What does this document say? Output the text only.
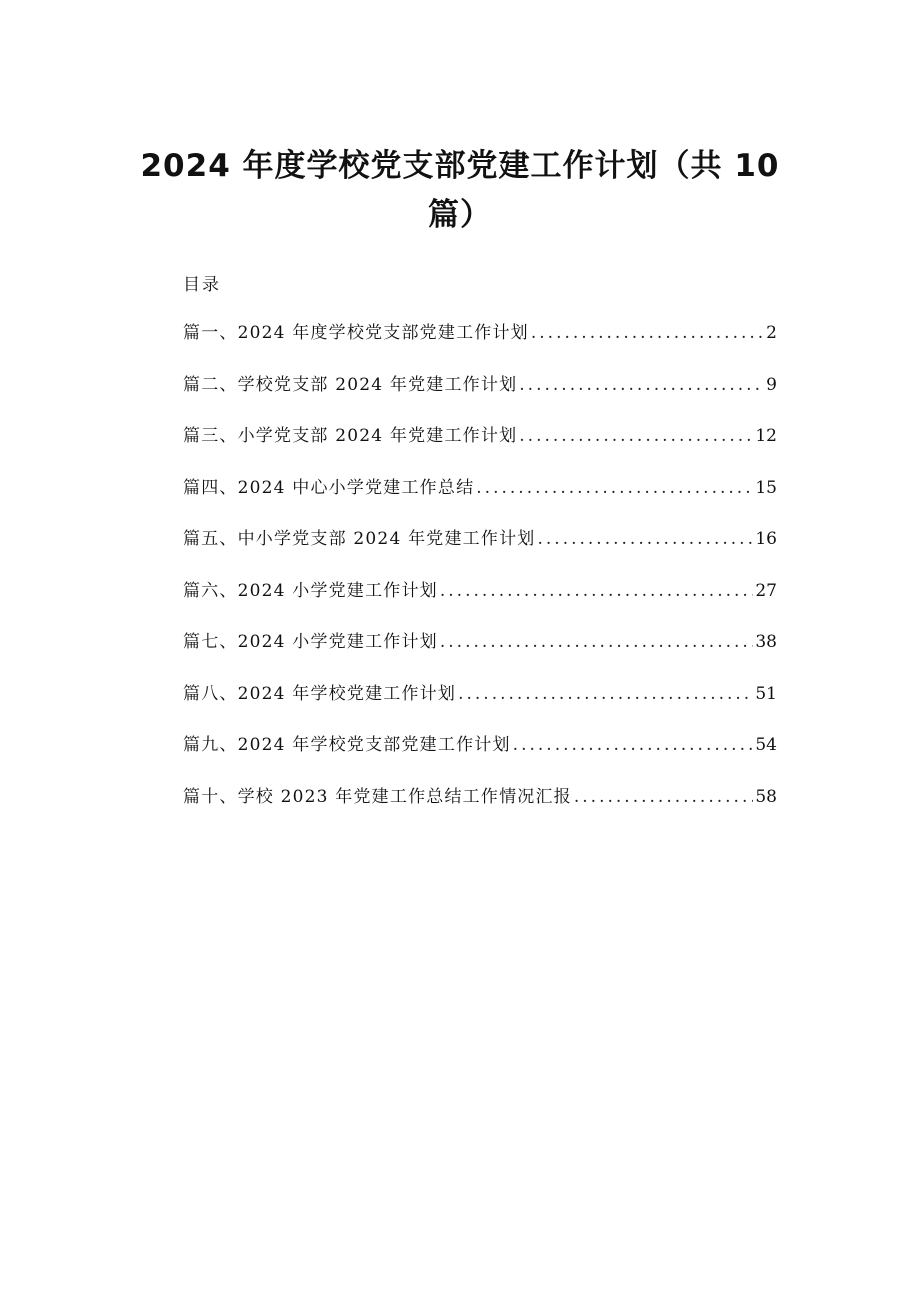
2024 年度学校党支部党建工作计划（共 10
篇）
目录
篇一、2024 年度学校党支部党建工作计划 .....	2
篇二、学校党支部 2024 年党建工作计划 .....	9
篇三、小学党支部 2024 年党建工作计划 .....	12
篇四、2024 中心小学党建工作总结 .....	15
篇五、中小学党支部 2024 年党建工作计划 .....	16
篇六、2024 小学党建工作计划 .....	27
篇七、2024 小学党建工作计划 .....	38
篇八、2024 年学校党建工作计划 .....	51
篇九、2024 年学校党支部党建工作计划 .....	54
篇十、学校 2023 年党建工作总结工作情况汇报 .....	58
